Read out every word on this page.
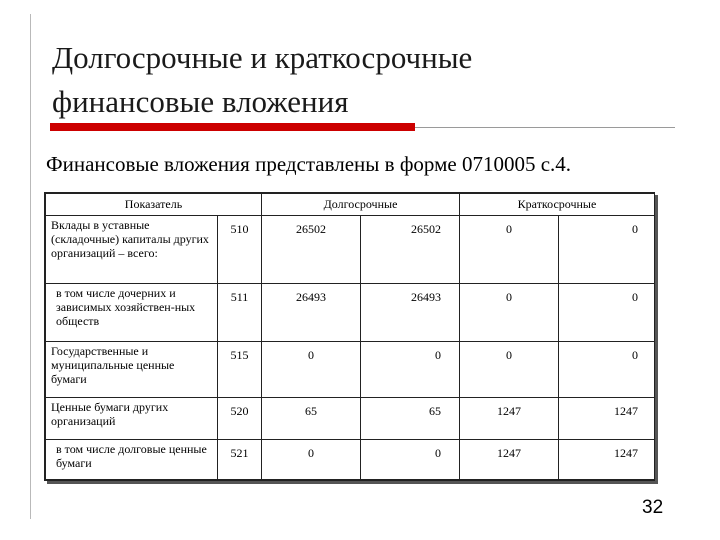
Долгосрочные и краткосрочные
финансовые вложения
Финансовые вложения представлены в форме 0710005 с.4.
Показатель		Долгосрочные		Краткосрочные	
Вклады в уставные (складочные) капиталы других организаций – всего:	510	26502	26502	0	0
в том числе дочерних и зависимых хозяйствен-ных обществ	511	26493	26493	0	0
Государственные и муниципальные ценные бумаги	515	0	0	0	0
Ценные бумаги других организаций	520	65	65	1247	1247
в том числе долговые ценные бумаги	521	0	0	1247	1247
32
